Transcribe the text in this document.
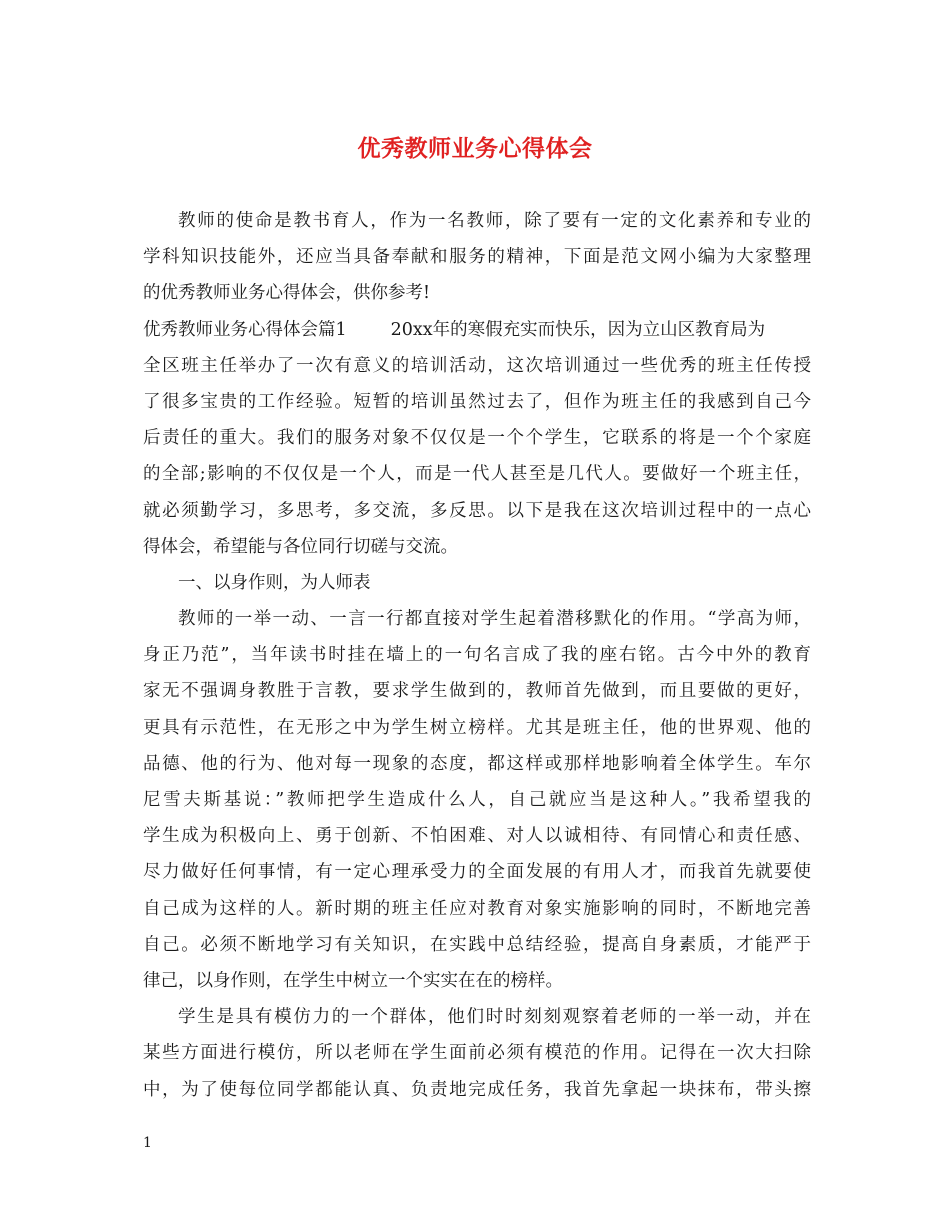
优秀教师业务心得体会
教师的使命是教书育人，作为一名教师，除了要有一定的文化素养和专业的
学科知识技能外，还应当具备奉献和服务的精神，下面是范文网小编为大家整理
的优秀教师业务心得体会，供你参考!
优秀教师业务心得体会篇1	20xx年的寒假充实而快乐，因为立山区教育局为
全区班主任举办了一次有意义的培训活动，这次培训通过一些优秀的班主任传授
了很多宝贵的工作经验。短暂的培训虽然过去了，但作为班主任的我感到自己今
后责任的重大。我们的服务对象不仅仅是一个个学生，它联系的将是一个个家庭
的全部;影响的不仅仅是一个人，而是一代人甚至是几代人。要做好一个班主任，
就必须勤学习，多思考，多交流，多反思。以下是我在这次培训过程中的一点心
得体会，希望能与各位同行切磋与交流。
一、以身作则，为人师表
教师的一举一动、一言一行都直接对学生起着潜移默化的作用。“学高为师，
身正乃范”，当年读书时挂在墙上的一句名言成了我的座右铭。古今中外的教育
家无不强调身教胜于言教，要求学生做到的，教师首先做到，而且要做的更好，
更具有示范性，在无形之中为学生树立榜样。尤其是班主任，他的世界观、他的
品德、他的行为、他对每一现象的态度，都这样或那样地影响着全体学生。车尔
尼雪夫斯基说：”教师把学生造成什么人，自己就应当是这种人。”我希望我的
学生成为积极向上、勇于创新、不怕困难、对人以诚相待、有同情心和责任感、
尽力做好任何事情，有一定心理承受力的全面发展的有用人才，而我首先就要使
自己成为这样的人。新时期的班主任应对教育对象实施影响的同时，不断地完善
自己。必须不断地学习有关知识，在实践中总结经验，提高自身素质，才能严于
律己，以身作则，在学生中树立一个实实在在的榜样。
学生是具有模仿力的一个群体，他们时时刻刻观察着老师的一举一动，并在
某些方面进行模仿，所以老师在学生面前必须有模范的作用。记得在一次大扫除
中，为了使每位同学都能认真、负责地完成任务，我首先拿起一块抹布，带头擦
1
